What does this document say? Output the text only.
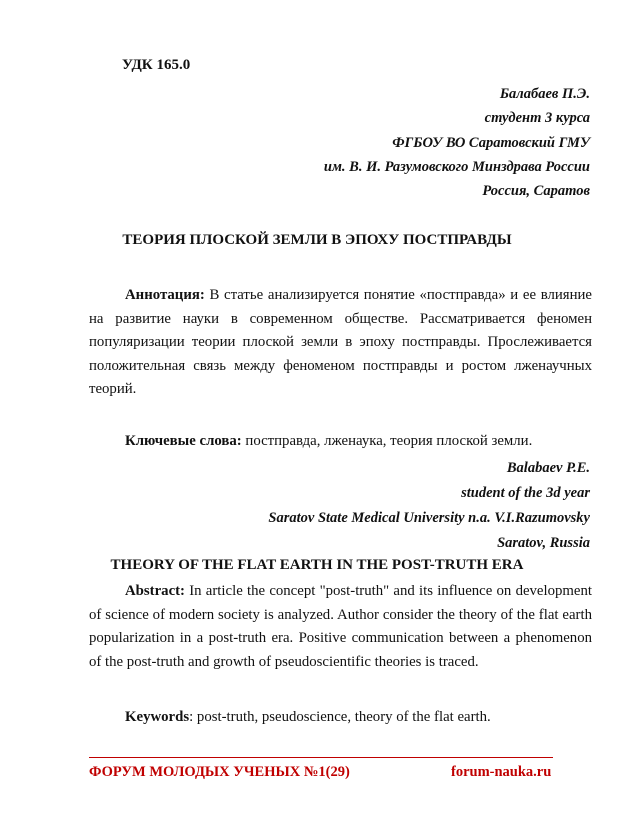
УДК 165.0
Балабаев П.Э.
студент 3 курса
ФГБОУ ВО Саратовский ГМУ
им. В. И. Разумовского Минздрава России
Россия, Саратов
ТЕОРИЯ ПЛОСКОЙ ЗЕМЛИ В ЭПОХУ ПОСТПРАВДЫ

Аннотация: В статье анализируется понятие «постправда» и ее влияние на развитие науки в современном обществе. Рассматривается феномен популяризации теории плоской земли в эпоху постправды. Прослеживается положительная связь между феноменом постправды и ростом лженаучных теорий.

Ключевые слова: постправда, лженаука, теория плоской земли.
Balabaev P.E.
student of the 3d year
Saratov State Medical University n.a. V.I.Razumovsky
Saratov, Russia
THEORY OF THE FLAT EARTH IN THE POST-TRUTH ERA

Abstract: In article the concept "post-truth" and its influence on development of science of modern society is analyzed. Author consider the theory of the flat earth popularization in a post-truth era. Positive communication between a phenomenon of the post-truth and growth of pseudoscientific theories is traced.

Keywords: post-truth, pseudoscience, theory of the flat earth.
ФОРУМ МОЛОДЫХ УЧЕНЫХ №1(29)	forum-nauka.ru
